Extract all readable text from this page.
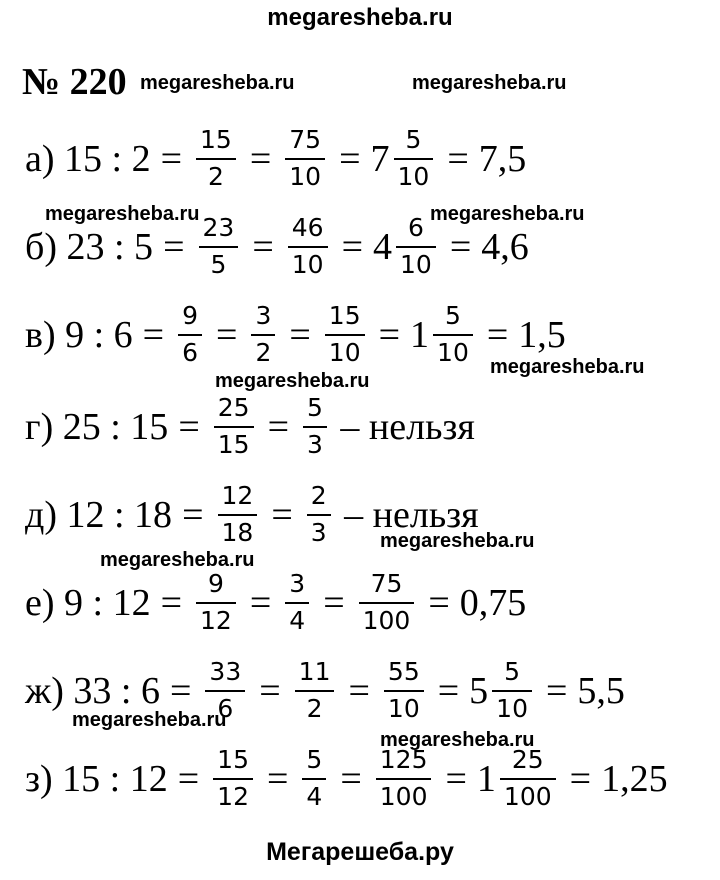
megaresheba.ru
№ 220 megaresheba.ru	megaresheba.ru
а)
15 : $2 = \frac{15}{2} = \frac{75}{10} = 7 \frac{5}{10} = 7,5$
megaresheba.ru	megaresheba.ru
б)
23 : $5 = \frac{23}{5} = \frac{46}{10} = 4 \frac{6}{10} = 4,6$
в)
9 : $6 = \frac{9}{6} = \frac{3}{2} = \frac{15}{10} = 1 \frac{5}{10} = 1,5$
megaresheba.ru
megaresheba.ru
г)
25 : $15 = \frac{25}{15} = \frac{5}{3}$
– нельзя
д)
12 : $18 = \frac{12}{18} = \frac{2}{3}$
– нельзя
megaresheba.ru
megaresheba.ru
е)
9 : $12 = \frac{9}{12} = \frac{3}{4} = \frac{75}{100} = 0,75$
ж)
33 : $6 = \frac{33}{6} = \frac{11}{2} = \frac{55}{10} = 5 \frac{5}{10} = 5,5$
megaresheba.ru
megaresheba.ru
з)
15 : $12 = \frac{15}{12} = \frac{5}{4} = \frac{125}{100} = 1 \frac{25}{100} = 1,25$
Мегарешеба.ру
